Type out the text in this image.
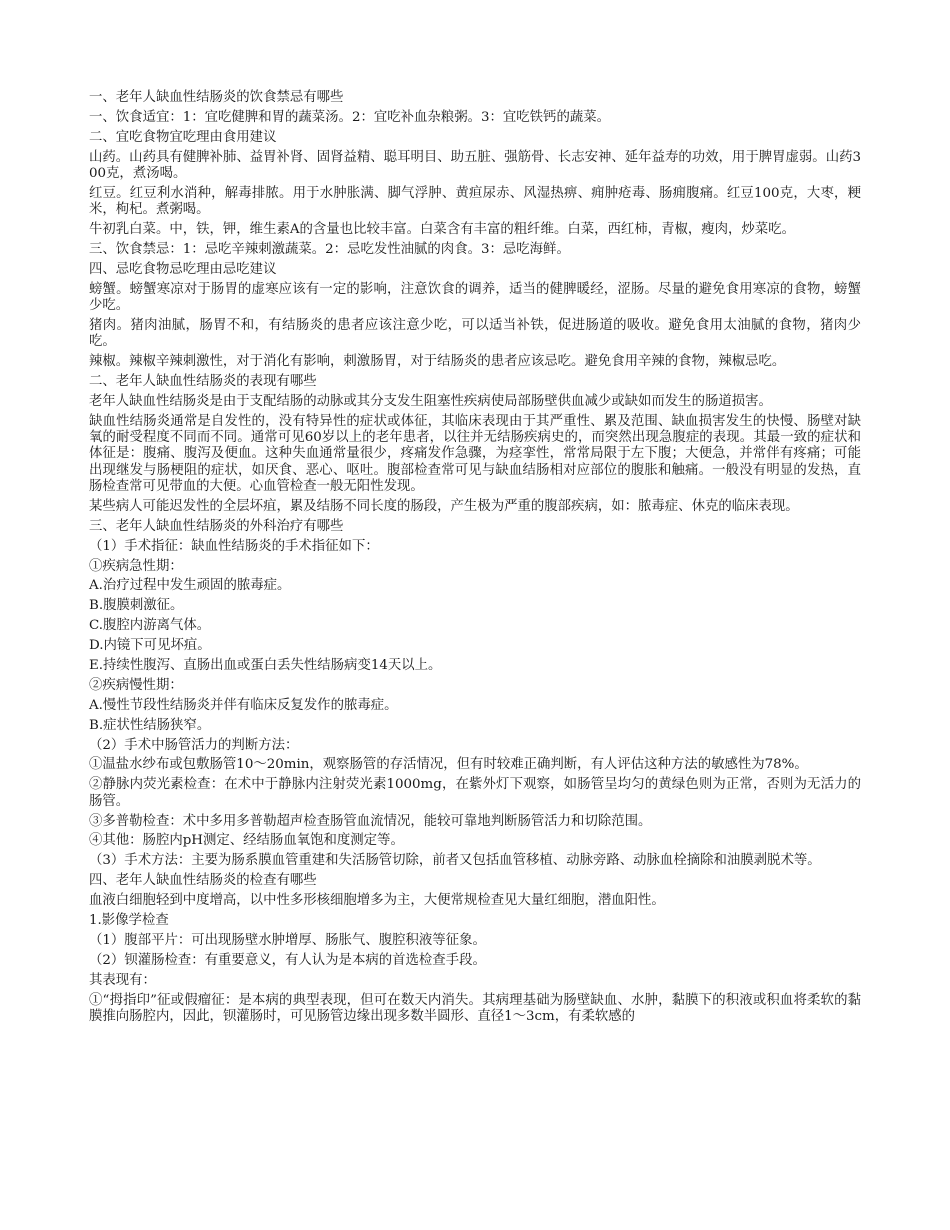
一、老年人缺血性结肠炎的饮食禁忌有哪些

一、饮食适宜：1：宜吃健脾和胃的蔬菜汤。2：宜吃补血杂粮粥。3：宜吃铁钙的蔬菜。

二、宜吃食物宜吃理由食用建议

山药。山药具有健脾补肺、益胃补肾、固肾益精、聪耳明目、助五脏、强筋骨、长志安神、延年益寿的功效，用于脾胃虚弱。山药300克，煮汤喝。

红豆。红豆利水消种，解毒排脓。用于水肿胀满、脚气浮肿、黄疸尿赤、风湿热痹、痈肿疮毒、肠痈腹痛。红豆100克，大枣，粳米，枸杞。煮粥喝。

牛初乳白菜。中，铁，钾，维生素A的含量也比较丰富。白菜含有丰富的粗纤维。白菜，西红柿，青椒，瘦肉，炒菜吃。

三、饮食禁忌：1：忌吃辛辣刺激蔬菜。2：忌吃发性油腻的肉食。3：忌吃海鲜。

四、忌吃食物忌吃理由忌吃建议

螃蟹。螃蟹寒凉对于肠胃的虚寒应该有一定的影响，注意饮食的调养，适当的健脾暖经，涩肠。尽量的避免食用寒凉的食物，螃蟹少吃。

猪肉。猪肉油腻，肠胃不和，有结肠炎的患者应该注意少吃，可以适当补铁，促进肠道的吸收。避免食用太油腻的食物，猪肉少吃。

辣椒。辣椒辛辣刺激性，对于消化有影响，刺激肠胃，对于结肠炎的患者应该忌吃。避免食用辛辣的食物，辣椒忌吃。

二、老年人缺血性结肠炎的表现有哪些

老年人缺血性结肠炎是由于支配结肠的动脉或其分支发生阻塞性疾病使局部肠壁供血减少或缺如而发生的肠道损害。

缺血性结肠炎通常是自发性的，没有特异性的症状或体征，其临床表现由于其严重性、累及范围、缺血损害发生的快慢、肠壁对缺氧的耐受程度不同而不同。通常可见60岁以上的老年患者，以往并无结肠疾病史的，而突然出现急腹症的表现。其最一致的症状和体征是：腹痛、腹泻及便血。这种失血通常量很少，疼痛发作急骤，为痉挛性，常常局限于左下腹；大便急，并常伴有疼痛；可能出现继发与肠梗阻的症状，如厌食、恶心、呕吐。腹部检查常可见与缺血结肠相对应部位的腹胀和触痛。一般没有明显的发热，直肠检查常可见带血的大便。心血管检查一般无阳性发现。

某些病人可能迟发性的全层坏疽，累及结肠不同长度的肠段，产生极为严重的腹部疾病，如：脓毒症、休克的临床表现。

三、老年人缺血性结肠炎的外科治疗有哪些

（1）手术指征：缺血性结肠炎的手术指征如下：

①疾病急性期：

A.治疗过程中发生顽固的脓毒症。

B.腹膜刺激征。

C.腹腔内游离气体。

D.内镜下可见坏疽。

E.持续性腹泻、直肠出血或蛋白丢失性结肠病变14天以上。

②疾病慢性期：

A.慢性节段性结肠炎并伴有临床反复发作的脓毒症。

B.症状性结肠狭窄。

（2）手术中肠管活力的判断方法：

①温盐水纱布或包敷肠管10～20min，观察肠管的存活情况，但有时较难正确判断，有人评估这种方法的敏感性为78%。

②静脉内荧光素检查：在术中于静脉内注射荧光素1000mg，在紫外灯下观察，如肠管呈均匀的黄绿色则为正常，否则为无活力的肠管。

③多普勒检查：术中多用多普勒超声检查肠管血流情况，能较可靠地判断肠管活力和切除范围。

④其他：肠腔内pH测定、经结肠血氧饱和度测定等。

（3）手术方法：主要为肠系膜血管重建和失活肠管切除，前者又包括血管移植、动脉旁路、动脉血栓摘除和油膜剥脱术等。

四、老年人缺血性结肠炎的检查有哪些

血液白细胞轻到中度增高，以中性多形核细胞增多为主，大便常规检查见大量红细胞，潜血阳性。

1.影像学检查

（1）腹部平片：可出现肠壁水肿增厚、肠胀气、腹腔积液等征象。

（2）钡灌肠检查：有重要意义，有人认为是本病的首选检查手段。

其表现有：

①“拇指印”征或假瘤征：是本病的典型表现，但可在数天内消失。其病理基础为肠壁缺血、水肿，黏膜下的积液或积血将柔软的黏膜推向肠腔内，因此，钡灌肠时，可见肠管边缘出现多数半圆形、直径1～3cm，有柔软感的
